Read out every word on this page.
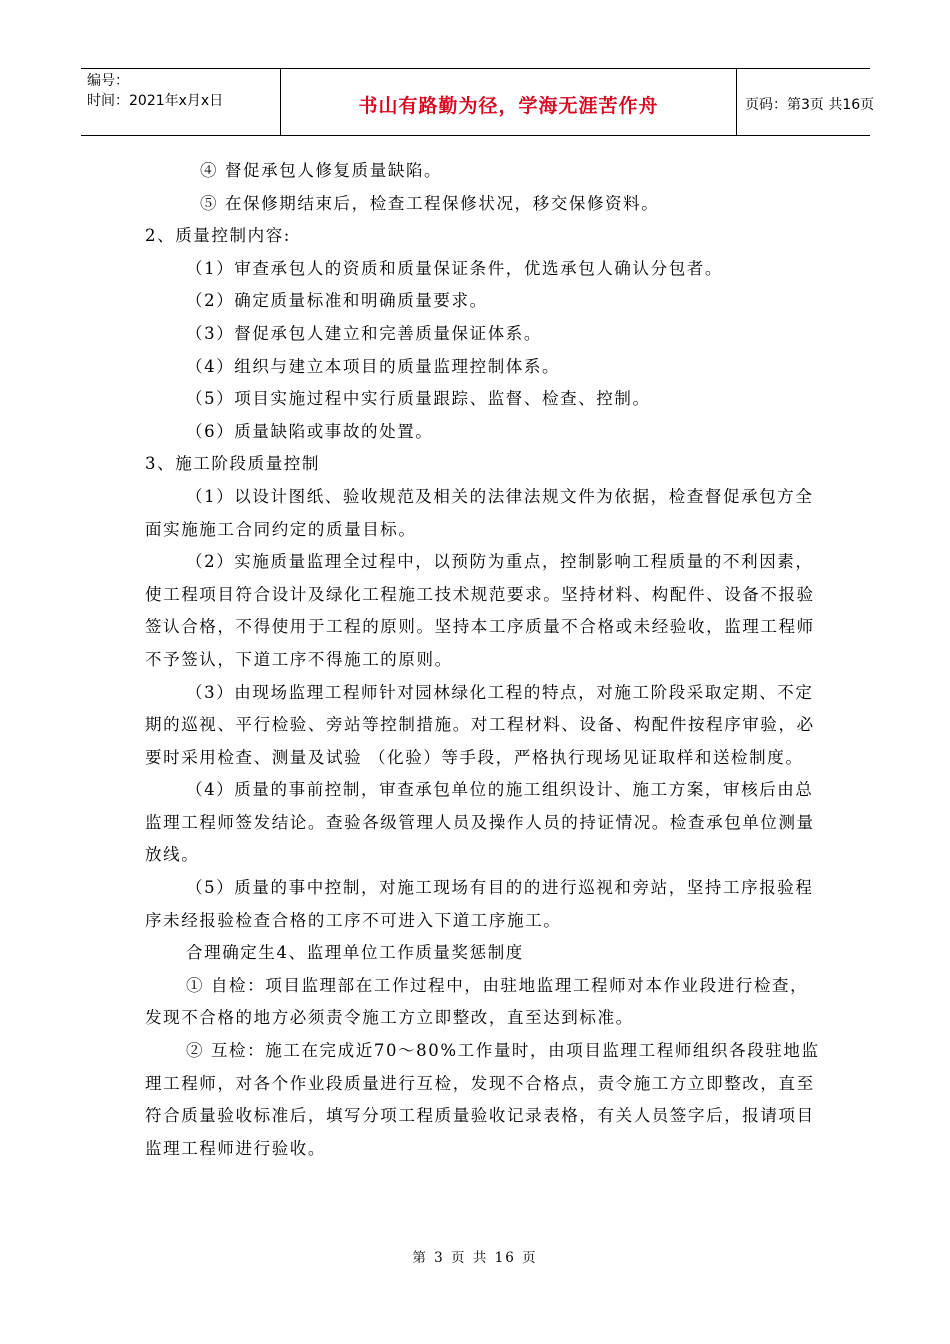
编号：
时间：2021年x月x日	书山有路勤为径，学海无涯苦作舟	页码：第3页 共16页

④ 督促承包人修复质量缺陷。

⑤ 在保修期结束后，检查工程保修状况，移交保修资料。

2、质量控制内容:

（1）审查承包人的资质和质量保证条件，优选承包人确认分包者。

（2）确定质量标准和明确质量要求。

（3）督促承包人建立和完善质量保证体系。

（4）组织与建立本项目的质量监理控制体系。

（5）项目实施过程中实行质量跟踪、监督、检查、控制。

（6）质量缺陷或事故的处置。

3、施工阶段质量控制

（1）以设计图纸、验收规范及相关的法律法规文件为依据，检查督促承包方全面实施施工合同约定的质量目标。

（2）实施质量监理全过程中，以预防为重点，控制影响工程质量的不利因素，使工程项目符合设计及绿化工程施工技术规范要求。坚持材料、构配件、设备不报验签认合格，不得使用于工程的原则。坚持本工序质量不合格或未经验收，监理工程师不予签认，下道工序不得施工的原则。

（3）由现场监理工程师针对园林绿化工程的特点，对施工阶段采取定期、不定期的巡视、平行检验、旁站等控制措施。对工程材料、设备、构配件按程序审验，必要时采用检查、测量及试验 （化验）等手段，严格执行现场见证取样和送检制度。

（4）质量的事前控制，审查承包单位的施工组织设计、施工方案，审核后由总监理工程师签发结论。查验各级管理人员及操作人员的持证情况。检查承包单位测量放线。

（5）质量的事中控制，对施工现场有目的的进行巡视和旁站，坚持工序报验程序未经报验检查合格的工序不可进入下道工序施工。

合理确定生4、监理单位工作质量奖惩制度

① 自检：项目监理部在工作过程中，由驻地监理工程师对本作业段进行检查，发现不合格的地方必须责令施工方立即整改，直至达到标准。

② 互检：施工在完成近70～80%工作量时，由项目监理工程师组织各段驻地监理工程师，对各个作业段质量进行互检，发现不合格点，责令施工方立即整改，直至符合质量验收标准后，填写分项工程质量验收记录表格，有关人员签字后，报请项目监理工程师进行验收。

第 3 页 共 16 页
